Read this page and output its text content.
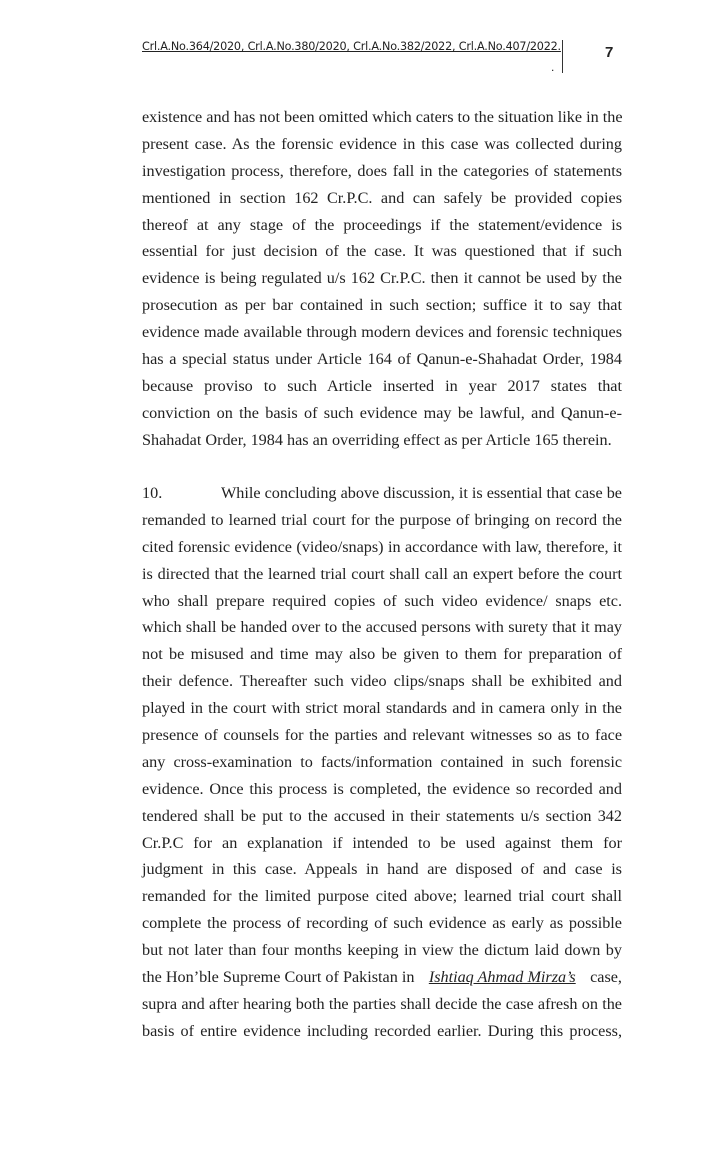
Crl.A.No.364/2020, Crl.A.No.380/2020, Crl.A.No.382/2022, Crl.A.No.407/2022.
.
7
existence and has not been omitted which caters to the situation like in the
present case. As the forensic evidence in this case was collected during
investigation process, therefore, does fall in the categories of statements
mentioned in section 162 Cr.P.C. and can safely be provided copies
thereof at any stage of the proceedings if the statement/evidence is
essential for just decision of the case. It was questioned that if such
evidence is being regulated u/s 162 Cr.P.C. then it cannot be used by the
prosecution as per bar contained in such section; suffice it to say that
evidence made available through modern devices and forensic techniques
has a special status under Article 164 of Qanun-e-Shahadat Order, 1984
because proviso to such Article inserted in year 2017 states that
conviction on the basis of such evidence may be lawful, and Qanun-e-
Shahadat Order, 1984 has an overriding effect as per Article 165 therein.
10.	While concluding above discussion, it is essential that case be
remanded to learned trial court for the purpose of bringing on record the
cited forensic evidence (video/snaps) in accordance with law, therefore, it
is directed that the learned trial court shall call an expert before the court
who shall prepare required copies of such video evidence/ snaps etc.
which shall be handed over to the accused persons with surety that it may
not be misused and time may also be given to them for preparation of
their defence. Thereafter such video clips/snaps shall be exhibited and
played in the court with strict moral standards and in camera only in the
presence of counsels for the parties and relevant witnesses so as to face
any cross-examination to facts/information contained in such forensic
evidence. Once this process is completed, the evidence so recorded and
tendered shall be put to the accused in their statements u/s section 342
Cr.P.C for an explanation if intended to be used against them for
judgment in this case. Appeals in hand are disposed of and case is
remanded for the limited purpose cited above; learned trial court shall
complete the process of recording of such evidence as early as possible
but not later than four months keeping in view the dictum laid down by
the Hon’ble Supreme Court of Pakistan in Ishtiaq Ahmad Mirza’s case,
supra and after hearing both the parties shall decide the case afresh on the
basis of entire evidence including recorded earlier. During this process,
